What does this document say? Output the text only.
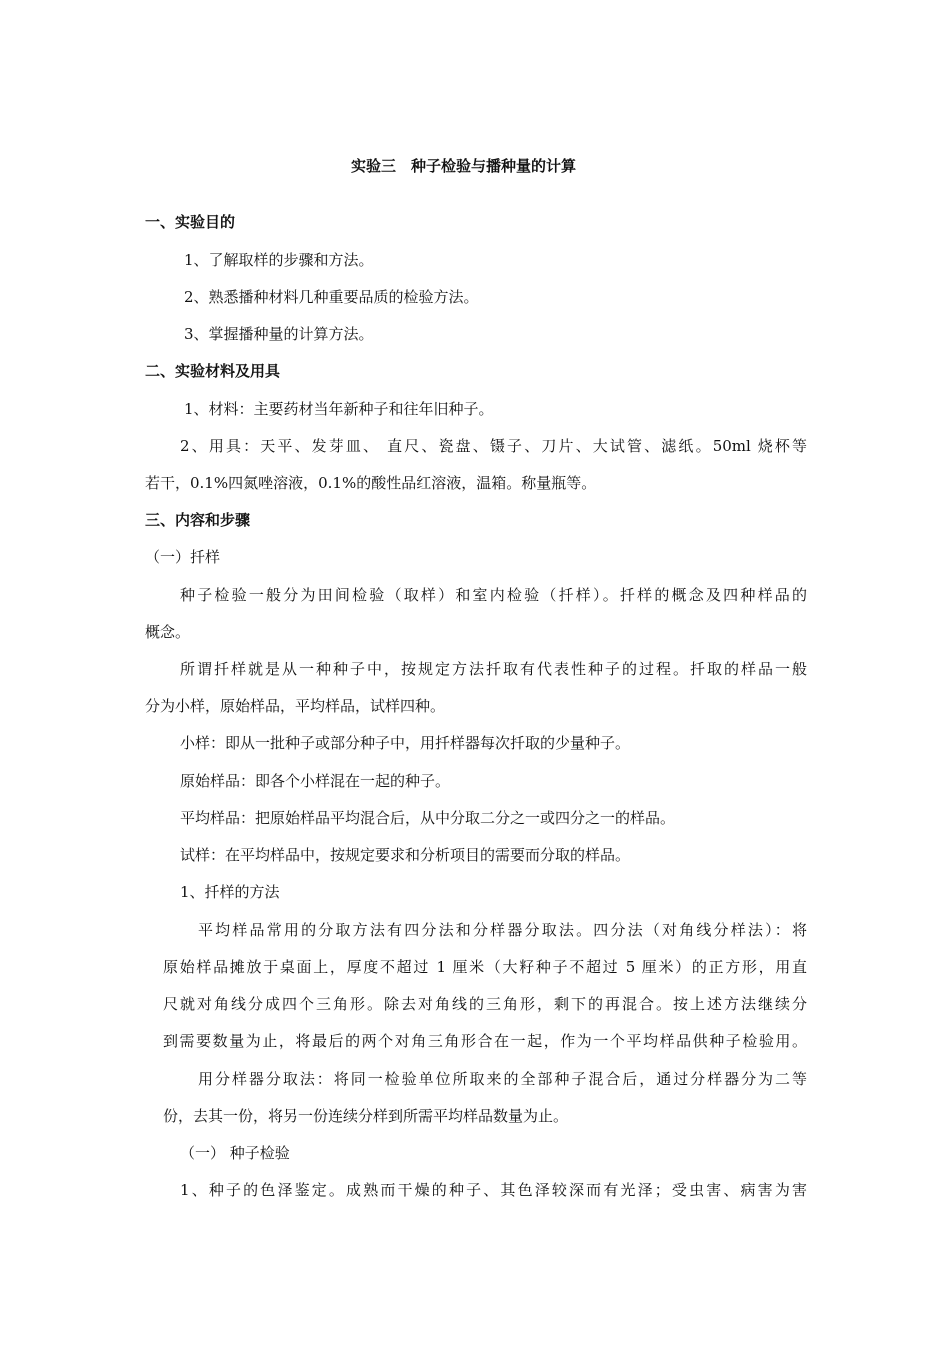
实验三　种子检验与播种量的计算
一、实验目的
1、了解取样的步骤和方法。
2、熟悉播种材料几种重要品质的检验方法。
3、掌握播种量的计算方法。
二、实验材料及用具
1、材料：主要药材当年新种子和往年旧种子。
2、用具：天平、发芽皿、 直尺、瓷盘、镊子、刀片、大试管、滤纸。50ml 烧杯等
若干，0.1%四氮唑溶液，0.1%的酸性品红溶液，温箱。称量瓶等。
三、内容和步骤
（一）扦样
种子检验一般分为田间检验（取样）和室内检验（扦样）。扦样的概念及四种样品的
概念。
所谓扦样就是从一种种子中，按规定方法扦取有代表性种子的过程。扦取的样品一般
分为小样，原始样品，平均样品，试样四种。
小样：即从一批种子或部分种子中，用扦样器每次扦取的少量种子。
原始样品：即各个小样混在一起的种子。
平均样品：把原始样品平均混合后，从中分取二分之一或四分之一的样品。
试样：在平均样品中，按规定要求和分析项目的需要而分取的样品。
1、扦样的方法
平均样品常用的分取方法有四分法和分样器分取法。四分法（对角线分样法）：将
原始样品摊放于桌面上，厚度不超过 1 厘米（大籽种子不超过 5 厘米）的正方形，用直
尺就对角线分成四个三角形。除去对角线的三角形，剩下的再混合。按上述方法继续分
到需要数量为止，将最后的两个对角三角形合在一起，作为一个平均样品供种子检验用。
用分样器分取法：将同一检验单位所取来的全部种子混合后，通过分样器分为二等
份，去其一份，将另一份连续分样到所需平均样品数量为止。
（一） 种子检验
1、种子的色泽鉴定。成熟而干燥的种子、其色泽较深而有光泽；受虫害、病害为害
